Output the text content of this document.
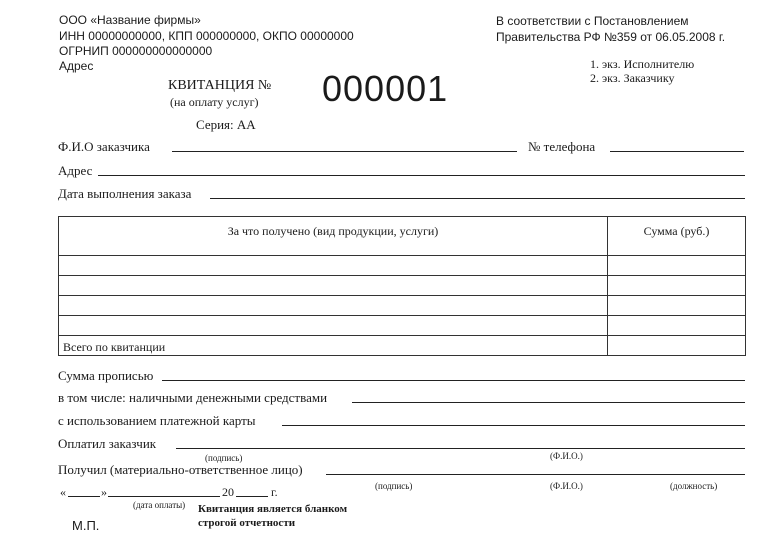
ООО «Название фирмы»
ИНН 00000000000, КПП 000000000, ОКПО 00000000
ОГРНИП 000000000000000
Адрес
В соответствии с Постановлением
Правительства РФ №359 от 06.05.2008 г.
1. экз. Исполнителю
2. экз. Заказчику
КВИТАНЦИЯ №
(на оплату услуг) 000001
Серия: АА
Ф.И.О заказчика	№ телефона
Адрес
Дата выполнения заказа
За что получено (вид продукции, услуги)	Сумма (руб.)

Всего по квитанции	
Сумма прописью
в том числе: наличными денежными средствами
с использованием платежной карты
Оплатил заказчик
(подпись)	(Ф.И.О.)
Получил (материально-ответственное лицо)
«	»	20	г.
(дата оплаты)
(подпись)	(Ф.И.О.)	(должность)
М.П.
Квитанция является бланком
строгой отчетности
